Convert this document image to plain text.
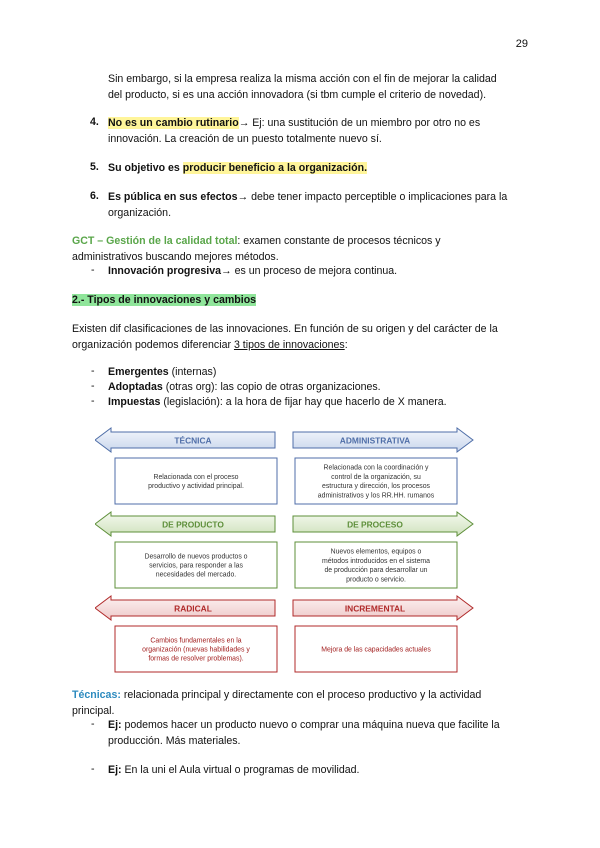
29

Sin embargo, si la empresa realiza la misma acción con el fin de mejorar la calidad

del producto, si es una acción innovadora (si tbm cumple el criterio de novedad).

4. No es un cambio rutinario→ Ej: una sustitución de un miembro por otro no es

innovación. La creación de un puesto totalmente nuevo sí.

5. Su objetivo es producir beneficio a la organización.

6. Es pública en sus efectos→ debe tener impacto perceptible o implicaciones para la

organización.

GCT – Gestión de la calidad total: examen constante de procesos técnicos y

administrativos buscando mejores métodos.

- Innovación progresiva→ es un proceso de mejora continua.

2.- Tipos de innovaciones y cambios

Existen dif clasificaciones de las innovaciones. En función de su origen y del carácter de la

organización podemos diferenciar 3 tipos de innovaciones:

- Emergentes (internas)

- Adoptadas (otras org): las copio de otras organizaciones.

- Impuestas (legislación): a la hora de fijar hay que hacerlo de X manera.

TÉCNICA
Relacionada con el proceso
productivo y actividad principal.
ADMINISTRATIVA
Relacionada con la coordinación y
control de la organización, su
estructura y dirección, los procesos
administrativos y los RR.HH. rumanos
DE PRODUCTO
Desarrollo de nuevos productos o
servicios, para responder a las
necesidades del mercado.
DE PROCESO
Nuevos elementos, equipos o
métodos introducidos en el sistema
de producción para desarrollar un
producto o servicio.
RADICAL
Cambios fundamentales en la
organización (nuevas habilidades y
formas de resolver problemas).
INCREMENTAL
Mejora de las capacidades actuales

Técnicas: relacionada principal y directamente con el proceso productivo y la actividad

principal.

- Ej: podemos hacer un producto nuevo o comprar una máquina nueva que facilite la

producción. Más materiales.

- Ej: En la uni el Aula virtual o programas de movilidad.
